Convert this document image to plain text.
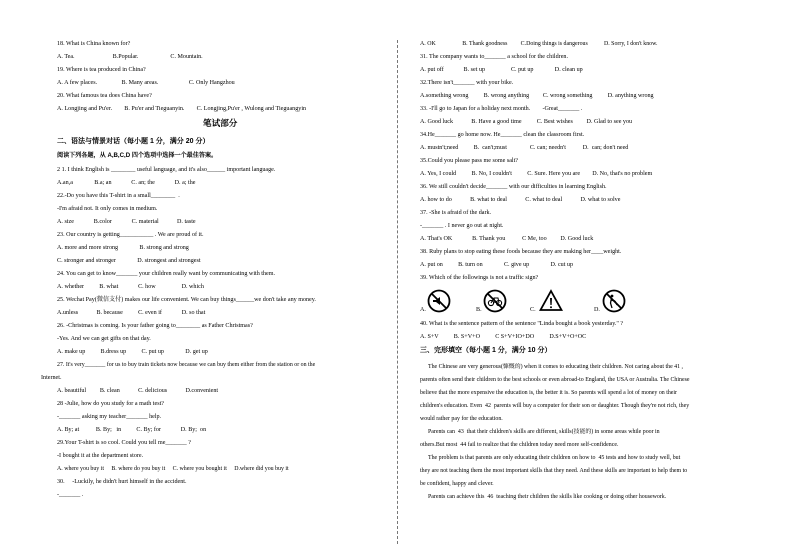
18. What is China known for?
A. Tea.                         B.Popular.                     C. Mountain.
19. Where is tea produced in China?
A. A few places.                B. Many areas.                    C. Only Hangzhou
20. What famous tea does China have?
A. Longjing and Pu'er.        B. Pu'er and Tieguanyin.        C. Longjing,Pu'er , Wulong and Tieguangyin
笔试部分
二、语法与情景对话（每小题 1 分，满分 20 分）
阅读下列各题，从 A,B,C,D 四个选项中选择一个最佳答案。
2 1. I think English is ________ useful language, and it's also______ important language.
A.an,a              B.a; an             C. an; the             D. a; the
22.-Do you have this T-shirt in a small________  .
-I'm afraid not. It only comes in medium.
A. size             B.color             C. material            D. taste
23. Our country is getting___________ . We are proud of it.
A. more and more strong              B. strong and strong
C. stronger and stronger              D. strongest and strongest
24. You can get to know_______ your children really want by communicating with them.
A. whether          B. what             C. how                 D. which
25. Wechat Pay(微信支付) makes our life convenient. We can buy things______we don't take any money.
A.unless            B. because          C. even if             D. so that
26. -Christmas is coming. Is your father going to________ as Father Christmas?
-Yes. And we can get gifts on that day.
A. make up          B.dress up          C. put up              D. get up
27. It's very_______ for us to buy train tickets now because we can buy them either from the station or on the
Internet.
A. beautiful         B. clean            C. delicious            D.convenient
28 -Julie, how do you study for a math test?
-_______ asking my teacher_______ help.
A. By; at           B. By;   in          C. By; for             D. By;  on
29.Your T-shirt is so cool. Could you tell me_______ ?
-I bought it at the department store.
A. where you buy it     B. where do you buy it     C. where you bought it     D.where did you buy it
30.     -Luckily, he didn't hurt himself in the accident.
-_______ .
A. OK                  B. Thank goodness         C.Doing things is dangerous           D. Sorry, I don't know.
31. The company wants to_______ a school for the children.
A. put off             B. set up                 C. put up              D. clean up
32.There isn't_______ with your bike.
A.something wrong          B. wrong anything         C. wrong something          D. anything wrong
33. -I'll go to Japan for a holiday next month.        -Great_______ .
A. Good luck            B. Have a good time          C. Best wishes         D. Glad to see you
34.He_______ go home now. He_______ clean the classroom first.
A. mustn't;need          B.  can't;must               C. can; needn't           D.  can; don't need
35.Could you please pass me some salt?
A. Yes, I could          B. No, I couldn't          C. Sure. Here you are        D. No, that's no problem
36. We still couldn't decide_______ with our difficulties in learning English.
A. how to do            B. what to deal            C. what to deal            D. what to solve
37. -She is afraid of the dark.
-_______ . I never go out at night.
A. That's OK             B. Thank you           C Me, too         D. Good luck
38. Ruby plans to stop eating these foods because they are making her____weight.
A. put on          B. turn on              C. give up              D. cut up
39. Which of the followings is not a traffic sign?
A.	B.	C.	D.
40. What is the sentence pattern of the sentence "Linda bought a book yesterday." ?
A. S+V          B. S+V+O          C S+V+IO+DO          D.S+V+O+OC
三、完形填空（每小题 1 分，满分 10 分）
The Chinese are very generous(慷慨的) when it comes to educating their children. Not caring about the 41 ,
parents often send their children to the best schools or even abroad-to England, the USA or Australia. The Chinese
believe that the more expensive the education is, the better it is. So parents will spend a lot of money on their
children's education. Even  42  parents will buy a computer for their son or daughter. Though they're not rich, they
would rather pay for the education.
Parents can  43  that their children's skills are different, skills(技能的) in some areas while poor in
others.But most  44 fail to realize that the children today need more self-confidence.
The problem is that parents are only educating their children on how to  45 tests and how to study well, but
they are not teaching them the most important skills that they need. And these skills are important to help them to
be confident, happy and clever.
Parents can achieve this  46  teaching their children the skills like cooking or doing other housework.
